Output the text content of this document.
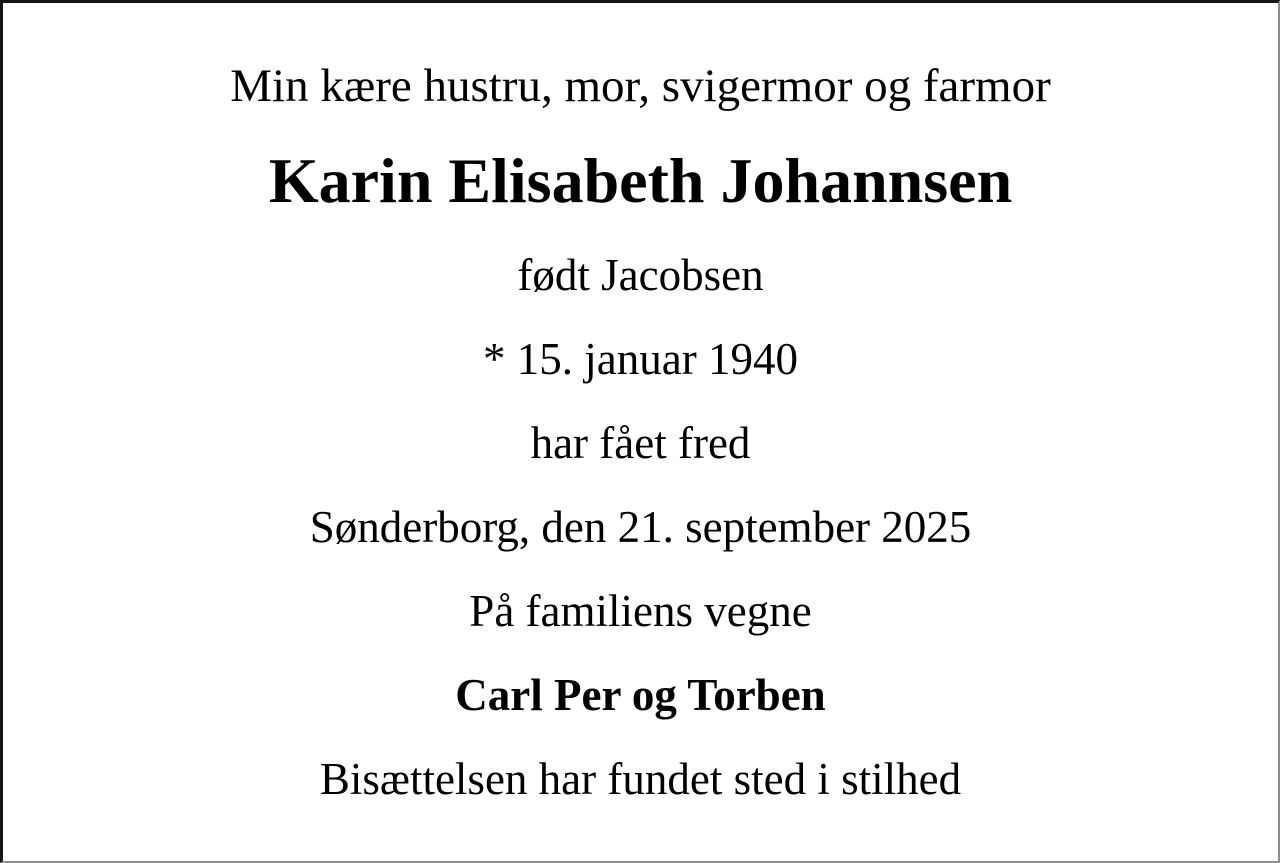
Min kære hustru, mor, svigermor og farmor
Karin Elisabeth Johannsen
født Jacobsen
* 15. januar 1940
har fået fred
Sønderborg, den 21. september 2025
På familiens vegne
Carl Per og Torben
Bisættelsen har fundet sted i stilhed
